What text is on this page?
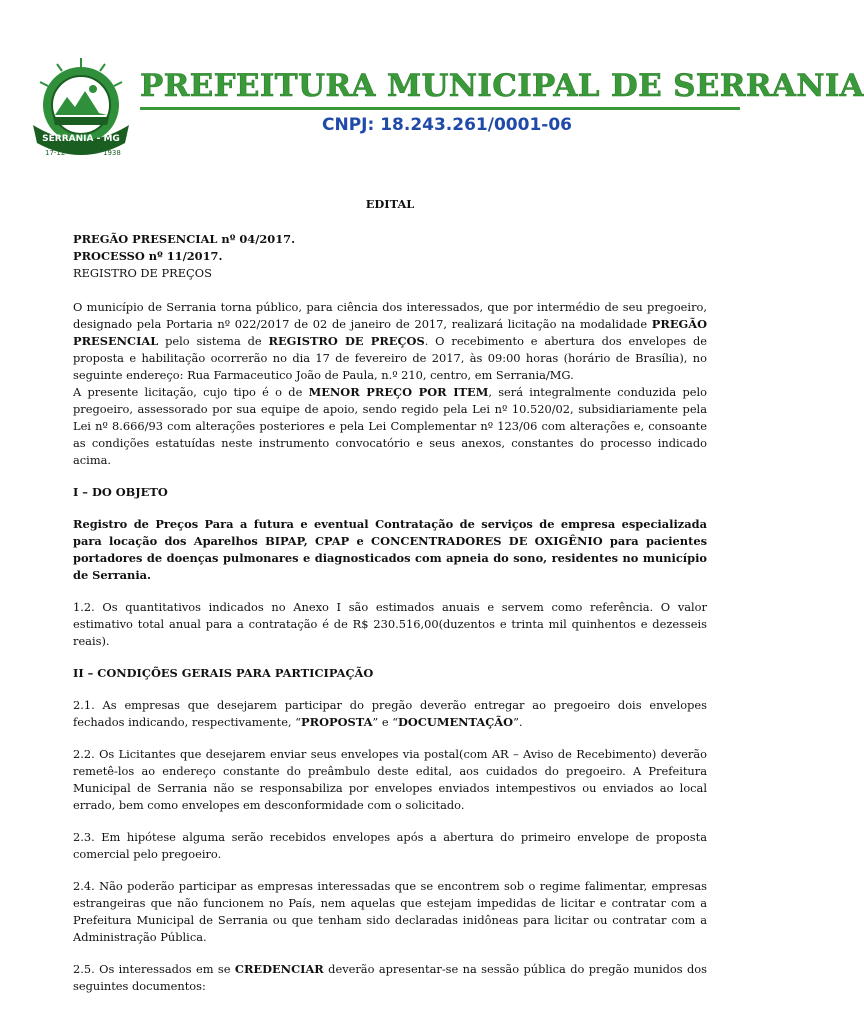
SERRANIA - MG
17-12	1938
PREFEITURA MUNICIPAL DE SERRANIA
CNPJ: 18.243.261/0001-06
EDITAL
PREGÃO PRESENCIAL nº 04/2017.
PROCESSO nº 11/2017.
REGISTRO DE PREÇOS

O município de Serrania torna público, para ciência dos interessados, que por intermédio de seu pregoeiro, designado pela Portaria nº 022/2017 de 02 de janeiro de 2017, realizará licitação na modalidade PREGÃO PRESENCIAL pelo sistema de REGISTRO DE PREÇOS. O recebimento e abertura dos envelopes de proposta e habilitação ocorrerão no dia 17 de fevereiro de 2017, às 09:00 horas (horário de Brasília), no seguinte endereço: Rua Farmaceutico João de Paula, n.º 210, centro, em Serrania/MG.

A presente licitação, cujo tipo é o de MENOR PREÇO POR ITEM, será integralmente conduzida pelo pregoeiro, assessorado por sua equipe de apoio, sendo regido pela Lei nº 10.520/02, subsidiariamente pela Lei nº 8.666/93 com alterações posteriores e pela Lei Complementar nº 123/06 com alterações e, consoante as condições estatuídas neste instrumento convocatório e seus anexos, constantes do processo indicado acima.

I – DO OBJETO

Registro de Preços Para a futura e eventual Contratação de serviços de empresa especializada para locação dos Aparelhos BIPAP, CPAP e CONCENTRADORES DE OXIGÊNIO para pacientes portadores de doenças pulmonares e diagnosticados com apneia do sono, residentes no município de Serrania.

1.2. Os quantitativos indicados no Anexo I são estimados anuais e servem como referência. O valor estimativo total anual para a contratação é de R$ 230.516,00(duzentos e trinta mil quinhentos e dezesseis reais).

II – CONDIÇÕES GERAIS PARA PARTICIPAÇÃO

2.1. As empresas que desejarem participar do pregão deverão entregar ao pregoeiro dois envelopes fechados indicando, respectivamente, “PROPOSTA” e “DOCUMENTAÇÃO”.

2.2. Os Licitantes que desejarem enviar seus envelopes via postal(com AR – Aviso de Recebimento) deverão remetê-los ao endereço constante do preâmbulo deste edital, aos cuidados do pregoeiro. A Prefeitura Municipal de Serrania não se responsabiliza por envelopes enviados intempestivos ou enviados ao local errado, bem como envelopes em desconformidade com o solicitado.

2.3. Em hipótese alguma serão recebidos envelopes após a abertura do primeiro envelope de proposta comercial pelo pregoeiro.

2.4. Não poderão participar as empresas interessadas que se encontrem sob o regime falimentar, empresas estrangeiras que não funcionem no País, nem aquelas que estejam impedidas de licitar e contratar com a Prefeitura Municipal de Serrania ou que tenham sido declaradas inidôneas para licitar ou contratar com a Administração Pública.

2.5. Os interessados em se CREDENCIAR deverão apresentar-se na sessão pública do pregão munidos dos seguintes documentos:
